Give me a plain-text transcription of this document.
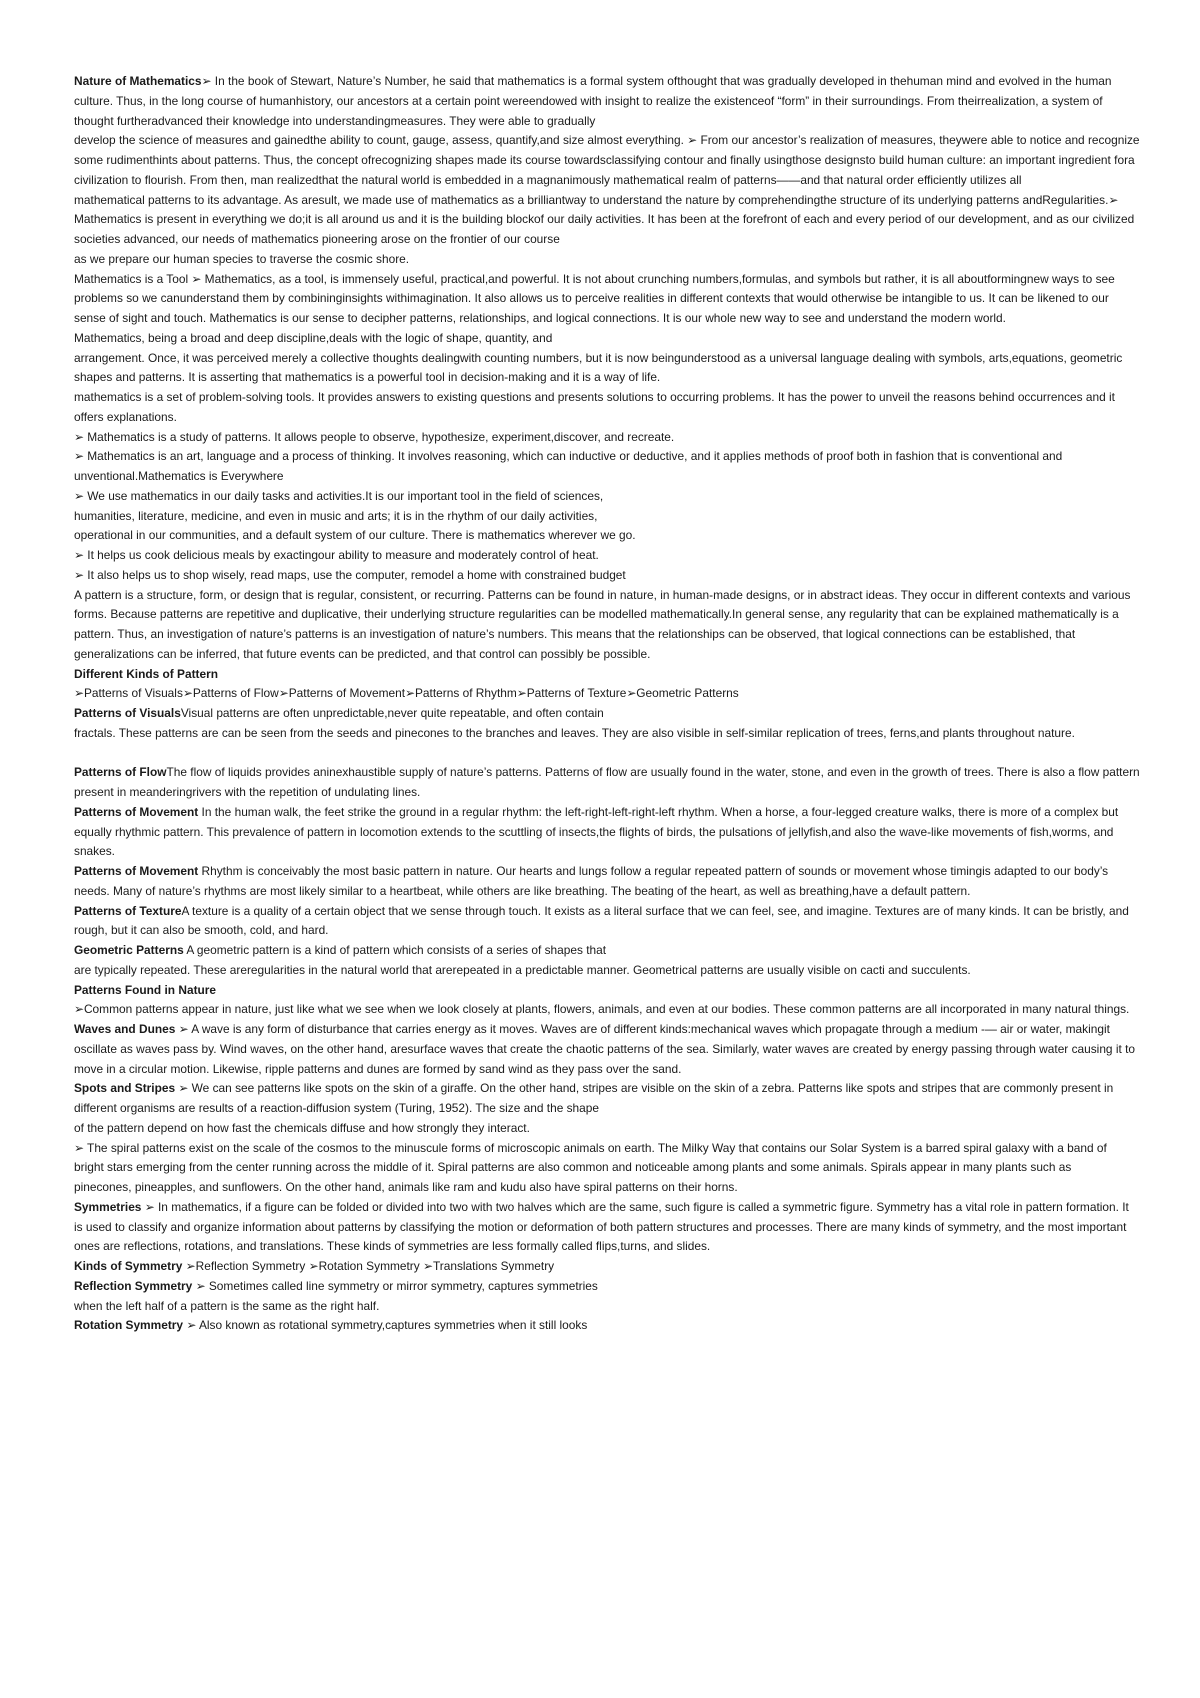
Nature of Mathematics➢ In the book of Stewart, Nature’s Number, he said that mathematics is a formal system ofthought that was gradually developed in thehuman mind and evolved in the human

culture. Thus, in the long course of humanhistory, our ancestors at a certain point wereendowed with insight to realize the existenceof “form” in their surroundings. From theirrealization, a system of thought furtheradvanced their knowledge into understandingmeasures. They were able to gradually

develop the science of measures and gainedthe ability to count, gauge, assess, quantify,and size almost everything. ➢ From our ancestor’s realization of measures, theywere able to notice and recognize some rudimenthints about patterns. Thus, the concept ofrecognizing shapes made its course towardsclassifying contour and finally usingthose designsto build human culture: an important ingredient fora civilization to flourish. From then, man realizedthat the natural world is embedded in a magnanimously mathematical realm of patterns——and that natural order efficiently utilizes all

mathematical patterns to its advantage. As aresult, we made use of mathematics as a brilliantway to understand the nature by comprehendingthe structure of its underlying patterns andRegularities.➢ Mathematics is present in everything we do;it is all around us and it is the building blockof our daily activities. It has been at the forefront of each and every period of our development, and as our civilized societies advanced, our needs of mathematics pioneering arose on the frontier of our course

as we prepare our human species to traverse the cosmic shore.

Mathematics is a Tool ➢ Mathematics, as a tool, is immensely useful, practical,and powerful. It is not about crunching numbers,formulas, and symbols but rather, it is all aboutformingnew ways to see problems so we canunderstand them by combininginsights withimagination. It also allows us to perceive realities in different contexts that would otherwise be intangible to us. It can be likened to our sense of sight and touch. Mathematics is our sense to decipher patterns, relationships, and logical connections. It is our whole new way to see and understand the modern world.

Mathematics, being a broad and deep discipline,deals with the logic of shape, quantity, and

arrangement. Once, it was perceived merely a collective thoughts dealingwith counting numbers, but it is now beingunderstood as a universal language dealing with symbols, arts,equations, geometric shapes and patterns. It is asserting that mathematics is a powerful tool in decision-making and it is a way of life.

mathematics is a set of problem-solving tools. It provides answers to existing questions and presents solutions to occurring problems. It has the power to unveil the reasons behind occurrences and it offers explanations.

➢ Mathematics is a study of patterns. It allows people to observe, hypothesize, experiment,discover, and recreate.

➢ Mathematics is an art, language and a process of thinking. It involves reasoning, which can inductive or deductive, and it applies methods of proof both in fashion that is conventional and unventional.Mathematics is Everywhere

➢ We use mathematics in our daily tasks and activities.It is our important tool in the field of sciences,

humanities, literature, medicine, and even in music and arts; it is in the rhythm of our daily activities,

operational in our communities, and a default system of our culture. There is mathematics wherever we go.

➢ It helps us cook delicious meals by exactingour ability to measure and moderately control of heat.

➢ It also helps us to shop wisely, read maps, use the computer, remodel a home with constrained budget

A pattern is a structure, form, or design that is regular, consistent, or recurring. Patterns can be found in nature, in human-made designs, or in abstract ideas. They occur in different contexts and various forms. Because patterns are repetitive and duplicative, their underlying structure regularities can be modelled mathematically.In general sense, any regularity that can be explained mathematically is a pattern. Thus, an investigation of nature’s patterns is an investigation of nature’s numbers. This means that the relationships can be observed, that logical connections can be established, that generalizations can be inferred, that future events can be predicted, and that control can possibly be possible.

Different Kinds of Pattern

➢Patterns of Visuals➢Patterns of Flow➢Patterns of Movement➢Patterns of Rhythm➢Patterns of Texture➢Geometric Patterns

Patterns of VisualsVisual patterns are often unpredictable,never quite repeatable, and often contain

fractals. These patterns are can be seen from the seeds and pinecones to the branches and leaves. They are also visible in self-similar replication of trees, ferns,and plants throughout nature.

Patterns of FlowThe flow of liquids provides aninexhaustible supply of nature’s patterns. Patterns of flow are usually found in the water, stone, and even in the growth of trees. There is also a flow pattern present in meanderingrivers with the repetition of undulating lines.

Patterns of Movement In the human walk, the feet strike the ground in a regular rhythm: the left-right-left-right-left rhythm. When a horse, a four-legged creature walks, there is more of a complex but equally rhythmic pattern. This prevalence of pattern in locomotion extends to the scuttling of insects,the flights of birds, the pulsations of jellyfish,and also the wave-like movements of fish,worms, and snakes.

Patterns of Movement Rhythm is conceivably the most basic pattern in nature. Our hearts and lungs follow a regular repeated pattern of sounds or movement whose timingis adapted to our body’s needs. Many of nature’s rhythms are most likely similar to a heartbeat, while others are like breathing. The beating of the heart, as well as breathing,have a default pattern.

Patterns of TextureA texture is a quality of a certain object that we sense through touch. It exists as a literal surface that we can feel, see, and imagine. Textures are of many kinds. It can be bristly, and rough, but it can also be smooth, cold, and hard.

Geometric Patterns A geometric pattern is a kind of pattern which consists of a series of shapes that

are typically repeated. These areregularities in the natural world that arerepeated in a predictable manner. Geometrical patterns are usually visible on cacti and succulents.

Patterns Found in Nature

➢Common patterns appear in nature, just like what we see when we look closely at plants, flowers, animals, and even at our bodies. These common patterns are all incorporated in many natural things.

Waves and Dunes ➢ A wave is any form of disturbance that carries energy as it moves. Waves are of different kinds:mechanical waves which propagate through a medium -— air or water, makingit oscillate as waves pass by. Wind waves, on the other hand, aresurface waves that create the chaotic patterns of the sea. Similarly, water waves are created by energy passing through water causing it to move in a circular motion. Likewise, ripple patterns and dunes are formed by sand wind as they pass over the sand.

Spots and Stripes ➢ We can see patterns like spots on the skin of a giraffe. On the other hand, stripes are visible on the skin of a zebra. Patterns like spots and stripes that are commonly present in different organisms are results of a reaction-diffusion system (Turing, 1952). The size and the shape

of the pattern depend on how fast the chemicals diffuse and how strongly they interact.

➢ The spiral patterns exist on the scale of the cosmos to the minuscule forms of microscopic animals on earth. The Milky Way that contains our Solar System is a barred spiral galaxy with a band of

bright stars emerging from the center running across the middle of it. Spiral patterns are also common and noticeable among plants and some animals. Spirals appear in many plants such as

pinecones, pineapples, and sunflowers. On the other hand, animals like ram and kudu also have spiral patterns on their horns.

Symmetries ➢ In mathematics, if a figure can be folded or divided into two with two halves which are the same, such figure is called a symmetric figure. Symmetry has a vital role in pattern formation. It is used to classify and organize information about patterns by classifying the motion or deformation of both pattern structures and processes. There are many kinds of symmetry, and the most important ones are reflections, rotations, and translations. These kinds of symmetries are less formally called flips,turns, and slides.

Kinds of Symmetry ➢Reflection Symmetry ➢Rotation Symmetry ➢Translations Symmetry

Reflection Symmetry ➢ Sometimes called line symmetry or mirror symmetry, captures symmetries

when the left half of a pattern is the same as the right half.

Rotation Symmetry ➢ Also known as rotational symmetry,captures symmetries when it still looks
